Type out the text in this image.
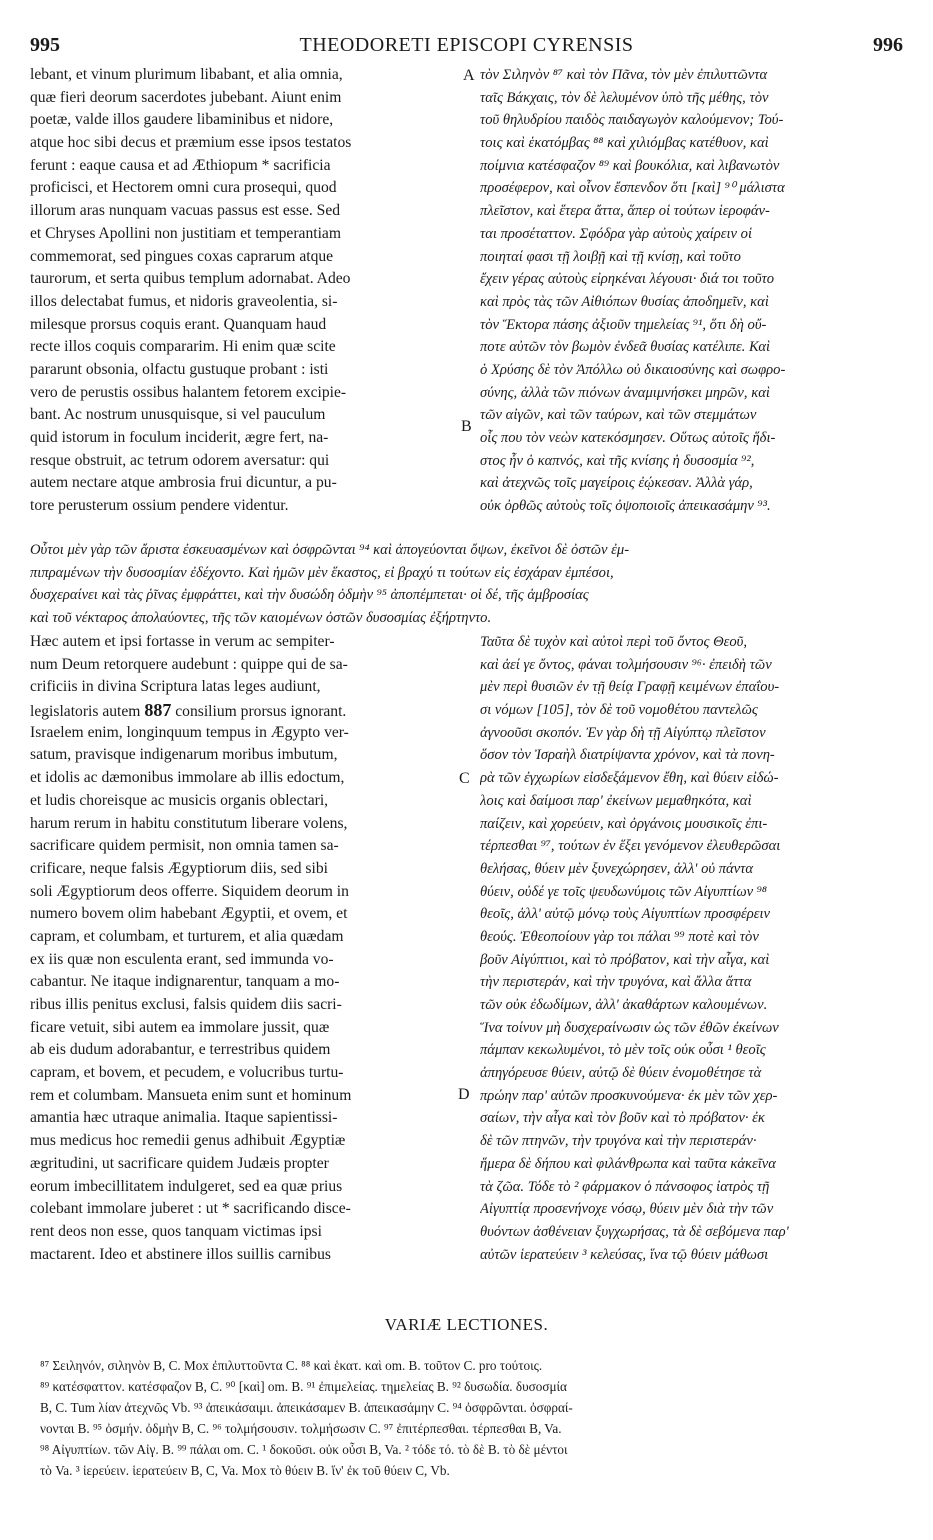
995	THEODORETI EPISCOPI CYRENSIS	996
lebant, et vinum plurimum libabant, et alia omnia,
quæ fieri deorum sacerdotes jubebant. Aiunt enim
poetæ, valde illos gaudere libaminibus et nidore,
atque hoc sibi decus et præmium esse ipsos testatos
ferunt : eaque causa et ad Æthiopum * sacrificia
proficisci, et Hectorem omni cura prosequi, quod
illorum aras nunquam vacuas passus est esse. Sed
et Chryses Apollini non justitiam et temperantiam
commemorat, sed pingues coxas caprarum atque
taurorum, et serta quibus templum adornabat. Adeo
illos delectabat fumus, et nidoris graveolentia, si-
milesque prorsus coquis erant. Quanquam haud
recte illos coquis compararim. Hi enim quæ scite
pararunt obsonia, olfactu gustuque probant : isti
vero de perustis ossibus halantem fetorem excipie-
bant. Ac nostrum unusquisque, si vel pauculum
quid istorum in foculum inciderit, ægre fert, na-
resque obstruit, ac tetrum odorem aversatur: qui
autem nectare atque ambrosia frui dicuntur, a pu-
tore perusterum ossium pendere videntur.
τὸν Σιληνὸν ⁸⁷ καὶ τὸν Πᾶνα, τὸν μὲν ἐπιλυττῶντα
ταῖς Βάκχαις, τὸν δὲ λελυμένον ὑπὸ τῆς μέθης, τὸν
τοῦ θηλυδρίου παιδὸς παιδαγωγὸν καλούμενον; Τού-
τοις καὶ ἑκατόμβας ⁸⁸ καὶ χιλιόμβας κατέθυον, καὶ
ποίμνια κατέσφαζον ⁸⁹ καὶ βουκόλια, καὶ λιβανωτὸν
προσέφερον, καὶ οἶνον ἔσπενδον ὅτι [καὶ] ⁹⁰ μάλιστα
πλεῖστον, καὶ ἕτερα ἄττα, ἅπερ οἱ τούτων ἱεροφάν-
ται προσέταττον. Σφόδρα γὰρ αὐτοὺς χαίρειν οἱ
ποιηταί φασι τῇ λοιβῇ καὶ τῇ κνίσῃ, καὶ τοῦτο
ἔχειν γέρας αὐτοὺς εἰρηκέναι λέγουσι· διά τοι τοῦτο
καὶ πρὸς τὰς τῶν Αἰθιόπων θυσίας ἀποδημεῖν, καὶ
τὸν Ἕκτορα πάσης ἀξιοῦν τημελείας ⁹¹, ὅτι δὴ οὔ-
ποτε αὐτῶν τὸν βωμὸν ἐνδεᾶ θυσίας κατέλιπε. Καὶ
ὁ Χρύσης δὲ τὸν Ἀπόλλω οὐ δικαιοσύνης καὶ σωφρο-
σύνης, ἀλλὰ τῶν πιόνων ἀναμιμνήσκει μηρῶν, καὶ
τῶν αἰγῶν, καὶ τῶν ταύρων, καὶ τῶν στεμμάτων
οἷς που τὸν νεὼν κατεκόσμησεν. Οὕτως αὐτοῖς ἥδι-
στος ἦν ὁ καπνός, καὶ τῆς κνίσης ἡ δυσοσμία ⁹²,
καὶ ἀτεχνῶς τοῖς μαγείροις ἐῴκεσαν. Ἀλλὰ γάρ,
οὐκ ὀρθῶς αὐτοὺς τοῖς ὀψοποιοῖς ἀπεικασάμην ⁹³.
A
B
C
D
Οὗτοι μὲν γὰρ τῶν ἄριστα ἐσκευασμένων καὶ ὀσφρῶνται ⁹⁴ καὶ ἀπογεύονται ὄψων, ἐκεῖνοι δὲ ὀστῶν ἐμ-
πιπραμένων τὴν δυσοσμίαν ἐδέχοντο. Καὶ ἡμῶν μὲν ἕκαστος, εἰ βραχύ τι τούτων εἰς ἐσχάραν ἐμπέσοι,
δυσχεραίνει καὶ τὰς ῥῖνας ἐμφράττει, καὶ τὴν δυσώδη ὀδμὴν ⁹⁵ ἀποπέμπεται· οἱ δέ, τῆς ἀμβροσίας
καὶ τοῦ νέκταρος ἀπολαύοντες, τῆς τῶν καιομένων ὀστῶν δυσοσμίας ἐξήρτηντο.
Hæc autem et ipsi fortasse in verum ac sempiter-
num Deum retorquere audebunt : quippe qui de sa-
crificiis in divina Scriptura latas leges audiunt,
legislatoris autem 887 consilium prorsus ignorant.
Israelem enim, longinquum tempus in Ægypto ver-
satum, pravisque indigenarum moribus imbutum,
et idolis ac dæmonibus immolare ab illis edoctum,
et ludis choreisque ac musicis organis oblectari,
harum rerum in habitu constitutum liberare volens,
sacrificare quidem permisit, non omnia tamen sa-
crificare, neque falsis Ægyptiorum diis, sed sibi
soli Ægyptiorum deos offerre. Siquidem deorum in
numero bovem olim habebant Ægyptii, et ovem, et
capram, et columbam, et turturem, et alia quædam
ex iis quæ non esculenta erant, sed immunda vo-
cabantur. Ne itaque indignarentur, tanquam a mo-
ribus illis penitus exclusi, falsis quidem diis sacri-
ficare vetuit, sibi autem ea immolare jussit, quæ
ab eis dudum adorabantur, e terrestribus quidem
capram, et bovem, et pecudem, e volucribus turtu-
rem et columbam. Mansueta enim sunt et hominum
amantia hæc utraque animalia. Itaque sapientissi-
mus medicus hoc remedii genus adhibuit Ægyptiæ
ægritudini, ut sacrificare quidem Judæis propter
eorum imbecillitatem indulgeret, sed ea quæ prius
colebant immolare juberet : ut * sacrificando disce-
rent deos non esse, quos tanquam victimas ipsi
mactarent. Ideo et abstinere illos suillis carnibus
Ταῦτα δὲ τυχὸν καὶ αὐτοὶ περὶ τοῦ ὄντος Θεοῦ,
καὶ ἀεί γε ὄντος, φάναι τολμήσουσιν ⁹⁶· ἐπειδὴ τῶν
μὲν περὶ θυσιῶν ἐν τῇ θείᾳ Γραφῇ κειμένων ἐπαΐου-
σι νόμων [105], τὸν δὲ τοῦ νομοθέτου παντελῶς
ἀγνοοῦσι σκοπόν. Ἐν γὰρ δὴ τῇ Αἰγύπτῳ πλεῖστον
ὅσον τὸν Ἰσραὴλ διατρίψαντα χρόνον, καὶ τὰ πονη-
ρὰ τῶν ἐγχωρίων εἰσδεξάμενον ἔθη, καὶ θύειν εἰδώ-
λοις καὶ δαίμοσι παρ' ἐκείνων μεμαθηκότα, καὶ
παίζειν, καὶ χορεύειν, καὶ ὀργάνοις μουσικοῖς ἐπι-
τέρπεσθαι ⁹⁷, τούτων ἐν ἕξει γενόμενον ἐλευθερῶσαι
θελήσας, θύειν μὲν ξυνεχώρησεν, ἀλλ' οὐ πάντα
θύειν, οὐδέ γε τοῖς ψευδωνύμοις τῶν Αἰγυπτίων ⁹⁸
θεοῖς, ἀλλ' αὐτῷ μόνῳ τοὺς Αἰγυπτίων προσφέρειν
θεούς. Ἐθεοποίουν γὰρ τοι πάλαι ⁹⁹ ποτὲ καὶ τὸν
βοῦν Αἰγύπτιοι, καὶ τὸ πρόβατον, καὶ τὴν αἶγα, καὶ
τὴν περιστεράν, καὶ τὴν τρυγόνα, καὶ ἄλλα ἄττα
τῶν οὐκ ἐδωδίμων, ἀλλ' ἀκαθάρτων καλουμένων.
Ἵνα τοίνυν μὴ δυσχεραίνωσιν ὡς τῶν ἐθῶν ἐκείνων
πάμπαν κεκωλυμένοι, τὸ μὲν τοῖς οὐκ οὖσι ¹ θεοῖς
ἀπηγόρευσε θύειν, αὐτῷ δὲ θύειν ἐνομοθέτησε τὰ
πρώην παρ' αὐτῶν προσκυνούμενα· ἐκ μὲν τῶν χερ-
σαίων, τὴν αἶγα καὶ τὸν βοῦν καὶ τὸ πρόβατον· ἐκ
δὲ τῶν πτηνῶν, τὴν τρυγόνα καὶ τὴν περιστεράν·
ἥμερα δὲ δήπου καὶ φιλάνθρωπα καὶ ταῦτα κἀκεῖνα
τὰ ζῶα. Τόδε τὸ ² φάρμακον ὁ πάνσοφος ἰατρὸς τῇ
Αἰγυπτίᾳ προσενήνοχε νόσῳ, θύειν μὲν διὰ τὴν τῶν
θυόντων ἀσθένειαν ξυγχωρήσας, τὰ δὲ σεβόμενα παρ'
αὐτῶν ἱερατεύειν ³ κελεύσας, ἵνα τῷ θύειν μάθωσι
VARIÆ LECTIONES.
⁸⁷ Σειληνόν, σιληνὸν B, C. Mox ἐπιλυττοῦντα C. ⁸⁸ καὶ ἑκατ. καὶ om. B. τοῦτον C. pro τούτοις.
⁸⁹ κατέσφαττον. κατέσφαζον B, C. ⁹⁰ [καὶ] om. B. ⁹¹ ἐπιμελείας. τημελείας B. ⁹² δυσωδία. δυσοσμία
B, C. Tum λίαν ἀτεχνῶς Vb. ⁹³ ἀπεικάσαιμι. ἀπεικάσαμεν B. ἀπεικασάμην C. ⁹⁴ ὀσφρῶνται. ὀσφραί-
νονται B. ⁹⁵ ὀσμήν. ὀδμὴν B, C. ⁹⁶ τολμήσουσιν. τολμήσωσιν C. ⁹⁷ ἐπιτέρπεσθαι. τέρπεσθαι B, Va.
⁹⁸ Αἰγυπτίων. τῶν Αἰγ. B. ⁹⁹ πάλαι om. C. ¹ δοκοῦσι. οὐκ οὖσι B, Va. ² τόδε τό. τὸ δὲ B. τὸ δὲ μέντοι
τὸ Va. ³ ἱερεύειν. ἱερατεύειν B, C, Va. Mox τὸ θύειν B. ἵν' ἐκ τοῦ θύειν C, Vb.
